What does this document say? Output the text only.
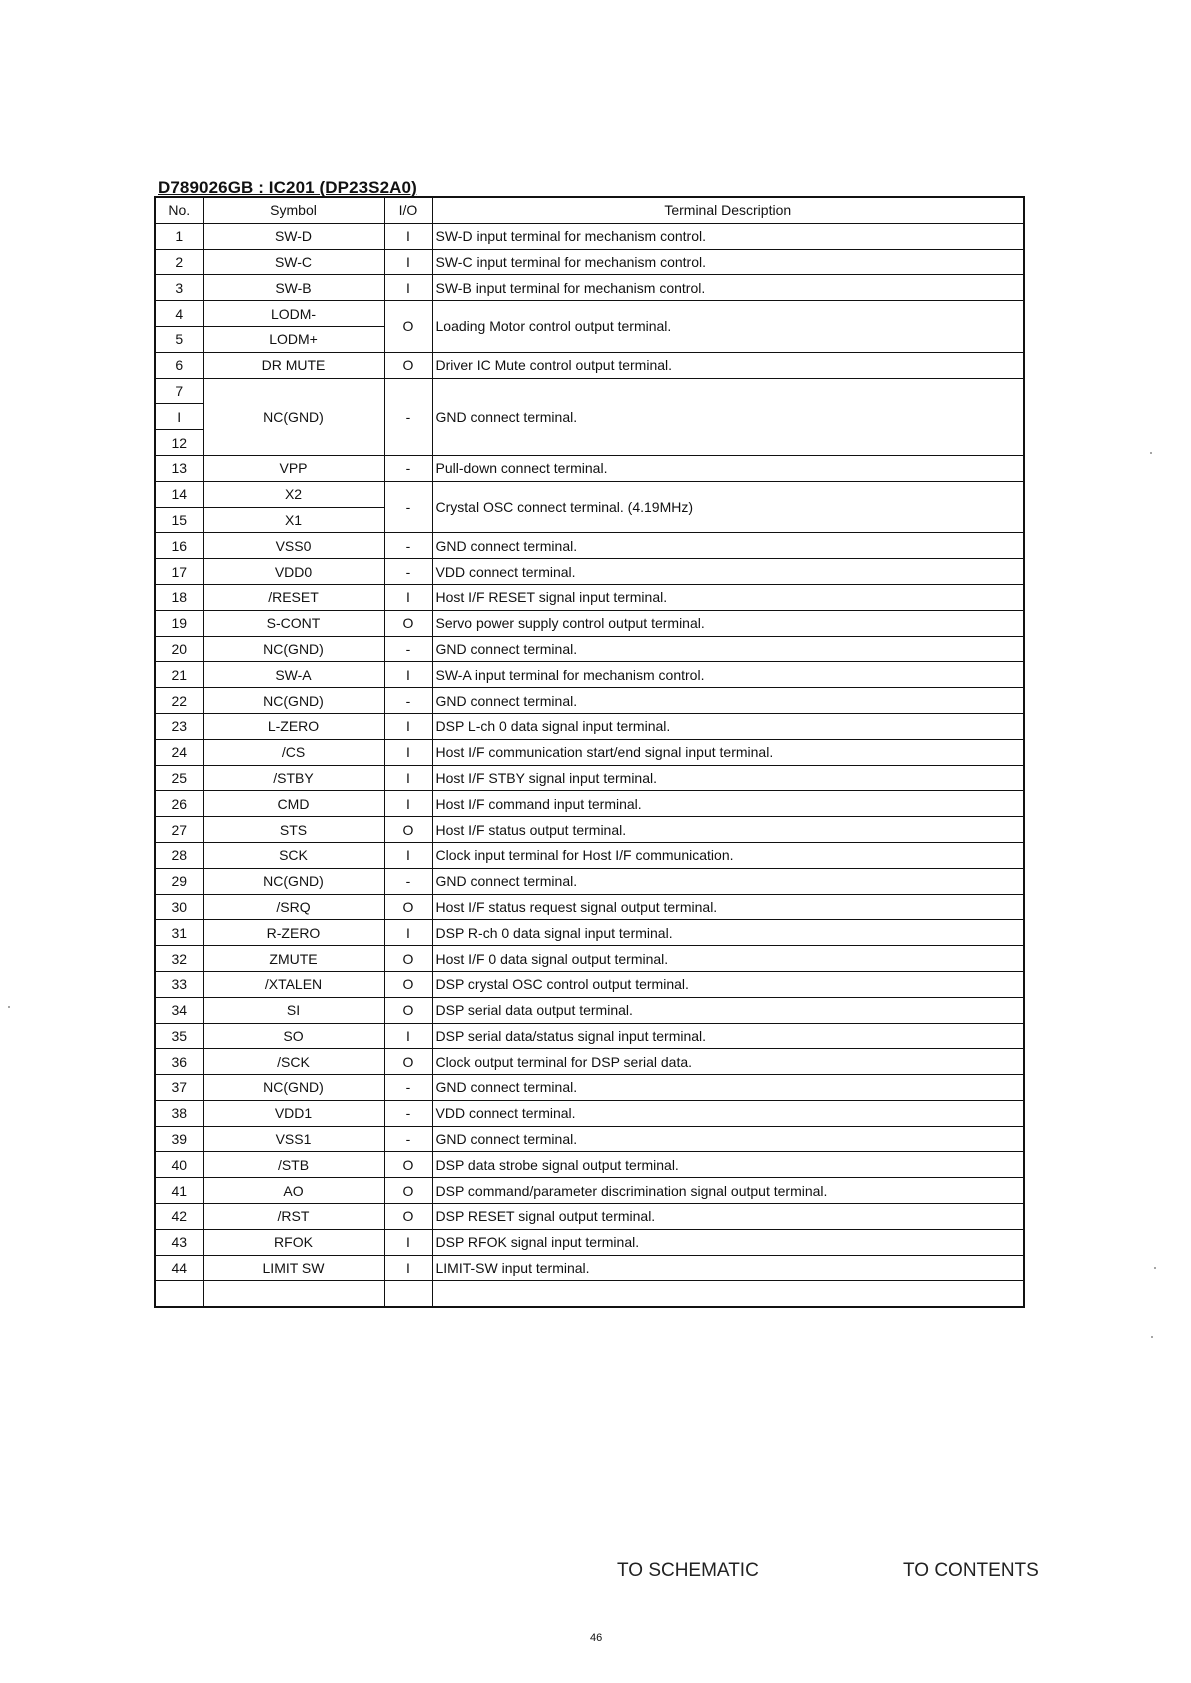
D789026GB : IC201 (DP23S2A0)
No.	Symbol	I/O	Terminal Description
1	SW-D	I	SW-D input terminal for mechanism control.
2	SW-C	I	SW-C input terminal for mechanism control.
3	SW-B	I	SW-B input terminal for mechanism control.
4	LODM-	O	Loading Motor control output terminal.
5	LODM+		
6	DR MUTE	O	Driver IC Mute control output terminal.
7	NC(GND)	-	GND connect terminal.
I			
12			
13	VPP	-	Pull-down connect terminal.
14	X2	-	Crystal OSC connect terminal. (4.19MHz)
15	X1		
16	VSS0	-	GND connect terminal.
17	VDD0	-	VDD connect terminal.
18	/RESET	I	Host I/F RESET signal input terminal.
19	S-CONT	O	Servo power supply control output terminal.
20	NC(GND)	-	GND connect terminal.
21	SW-A	I	SW-A input terminal for mechanism control.
22	NC(GND)	-	GND connect terminal.
23	L-ZERO	I	DSP L-ch 0 data signal input terminal.
24	/CS	I	Host I/F communication start/end signal input terminal.
25	/STBY	I	Host I/F STBY signal input terminal.
26	CMD	I	Host I/F command input terminal.
27	STS	O	Host I/F status output terminal.
28	SCK	I	Clock input terminal for Host I/F communication.
29	NC(GND)	-	GND connect terminal.
30	/SRQ	O	Host I/F status request signal output terminal.
31	R-ZERO	I	DSP R-ch 0 data signal input terminal.
32	ZMUTE	O	Host I/F 0 data signal output terminal.
33	/XTALEN	O	DSP crystal OSC control output terminal.
34	SI	O	DSP serial data output terminal.
35	SO	I	DSP serial data/status signal input terminal.
36	/SCK	O	Clock output terminal for DSP serial data.
37	NC(GND)	-	GND connect terminal.
38	VDD1	-	VDD connect terminal.
39	VSS1	-	GND connect terminal.
40	/STB	O	DSP data strobe signal output terminal.
41	AO	O	DSP command/parameter discrimination signal output terminal.
42	/RST	O	DSP RESET signal output terminal.
43	RFOK	I	DSP RFOK signal input terminal.
44	LIMIT SW	I	LIMIT-SW input terminal.

TO SCHEMATIC	TO CONTENTS
46
